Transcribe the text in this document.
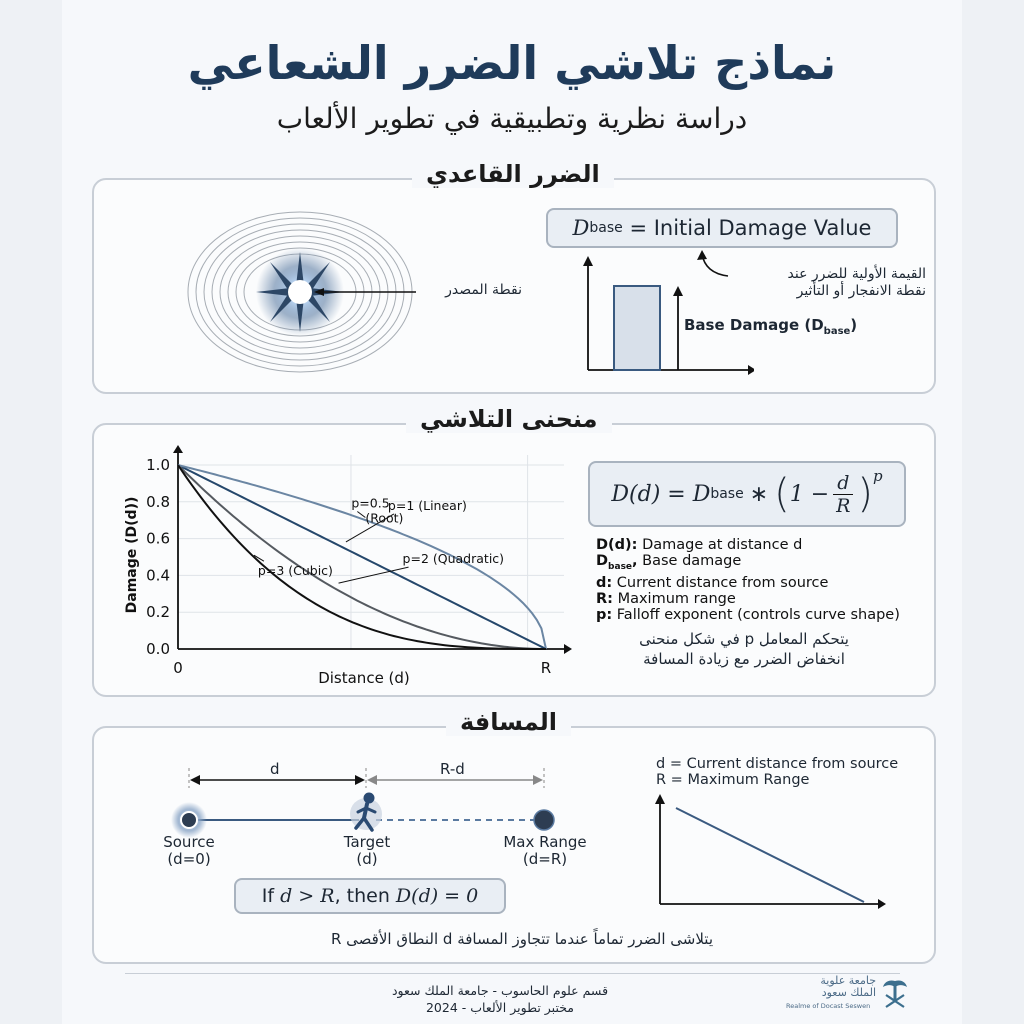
نماذج تلاشي الضرر الشعاعي
دراسة نظرية وتطبيقية في تطوير الألعاب
الضرر القاعدي
نقطة المصدر
D base
= Initial Damage Value
القيمة الأولية للضرر عند
نقطة الانفجار أو التأثير
Base Damage $(D_{base})$
منحنى التلاشي
0.0
0.2
0.4
0.6
0.8
1.0
0	R
p=1 (Linear)
p=2 (Quadratic)
p=0.5 (Root)
p=3 (Cubic)
Distance (d)
Damage (D(d))
D(d) = D base ∗ ( $1 - \frac{d}{R} )^p$
D(d): Damage at distance d
$D_{base}$, Base damage
d: Current distance from source
R: Maximum range
p: Falloff exponent (controls curve shape)
يتحكم المعامل p في شكل منحنى
انخفاض الضرر مع زيادة المسافة
المسافة
d	R-d
Source
(d=0)
Target
(d)
Max Range
(d=R)
If
d > R , then
D(d) = 0
d = Current distance from source
R = Maximum Range
يتلاشى الضرر تماماً عندما تتجاوز المسافة d النطاق الأقصى R
قسم علوم الحاسوب - جامعة الملك سعود
مختبر تطوير الألعاب - 2024
جامعة علوية
الملك سعود
Realme of Docast Seswen
